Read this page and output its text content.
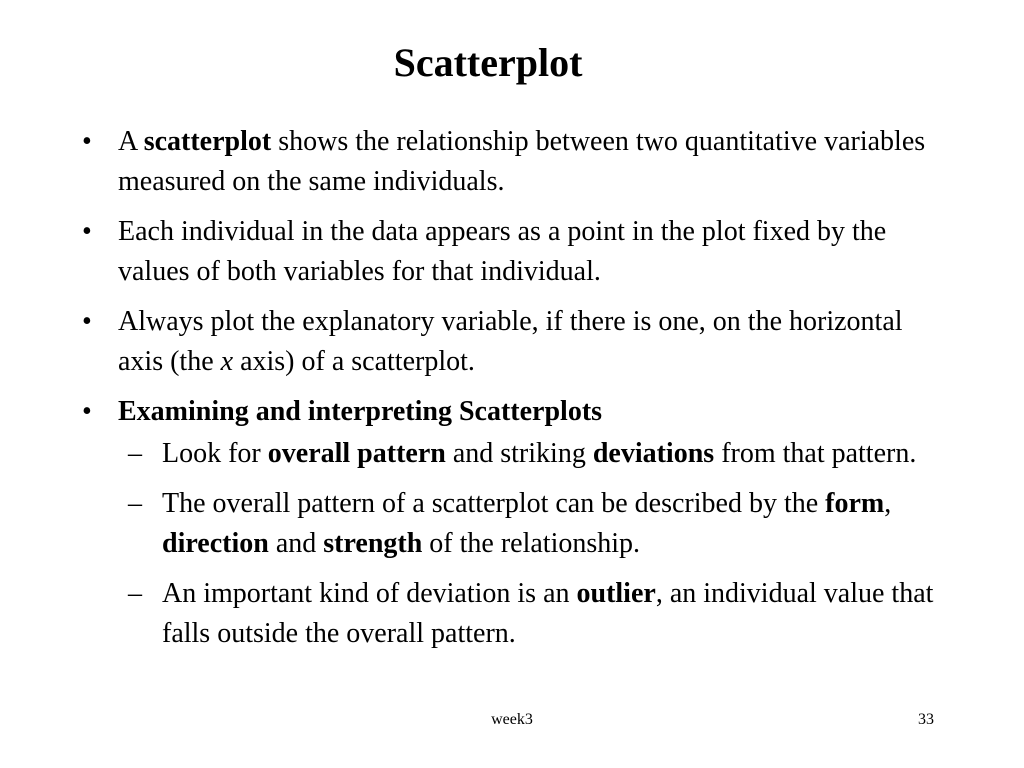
Scatterplot
• A scatterplot shows the relationship between two quantitative variables measured on the same individuals.
• Each individual in the data appears as a point in the plot fixed by the values of both variables for that individual.
• Always plot the explanatory variable, if there is one, on the horizontal axis (the x axis) of a scatterplot.
• Examining and interpreting Scatterplots
– Look for overall pattern and striking deviations from that pattern.
– The overall pattern of a scatterplot can be described by the form, direction and strength of the relationship.
– An important kind of deviation is an outlier, an individual value that falls outside the overall pattern.
week3	33
